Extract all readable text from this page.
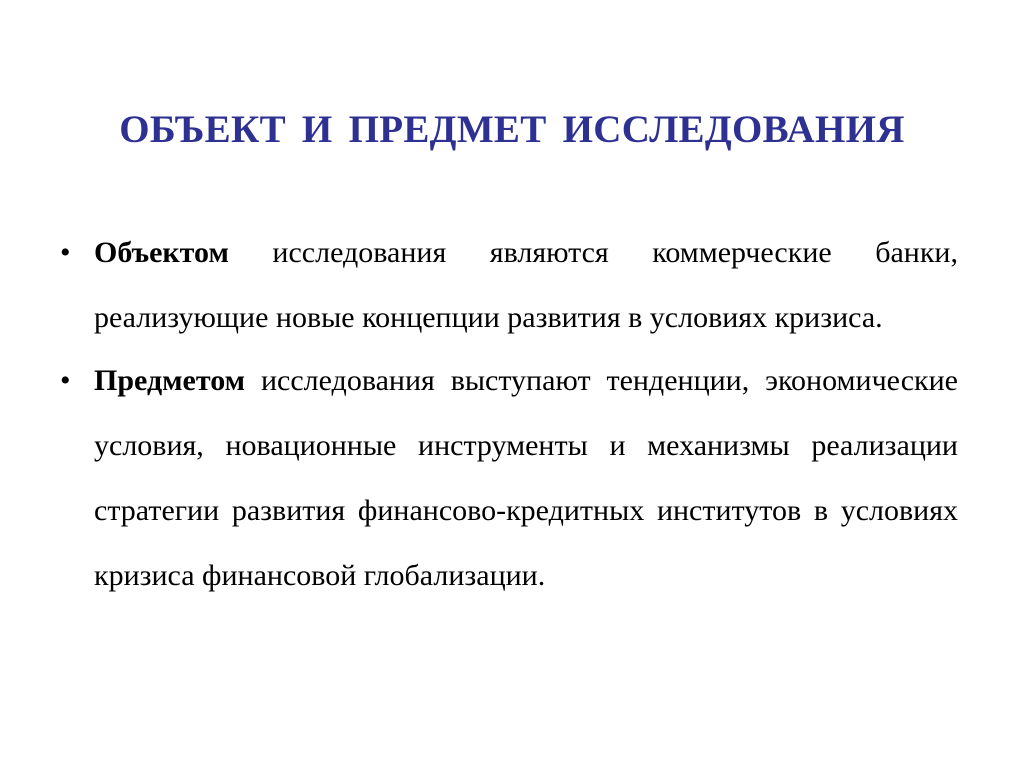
ОБЪЕКТ И ПРЕДМЕТ ИССЛЕДОВАНИЯ
• Объектом исследования являются коммерческие банки, реализующие новые концепции развития в условиях кризиса.
• Предметом исследования выступают тенденции, экономические условия, новационные инструменты и механизмы реализации стратегии развития финансово-кредитных институтов в условиях кризиса финансовой глобализации.
